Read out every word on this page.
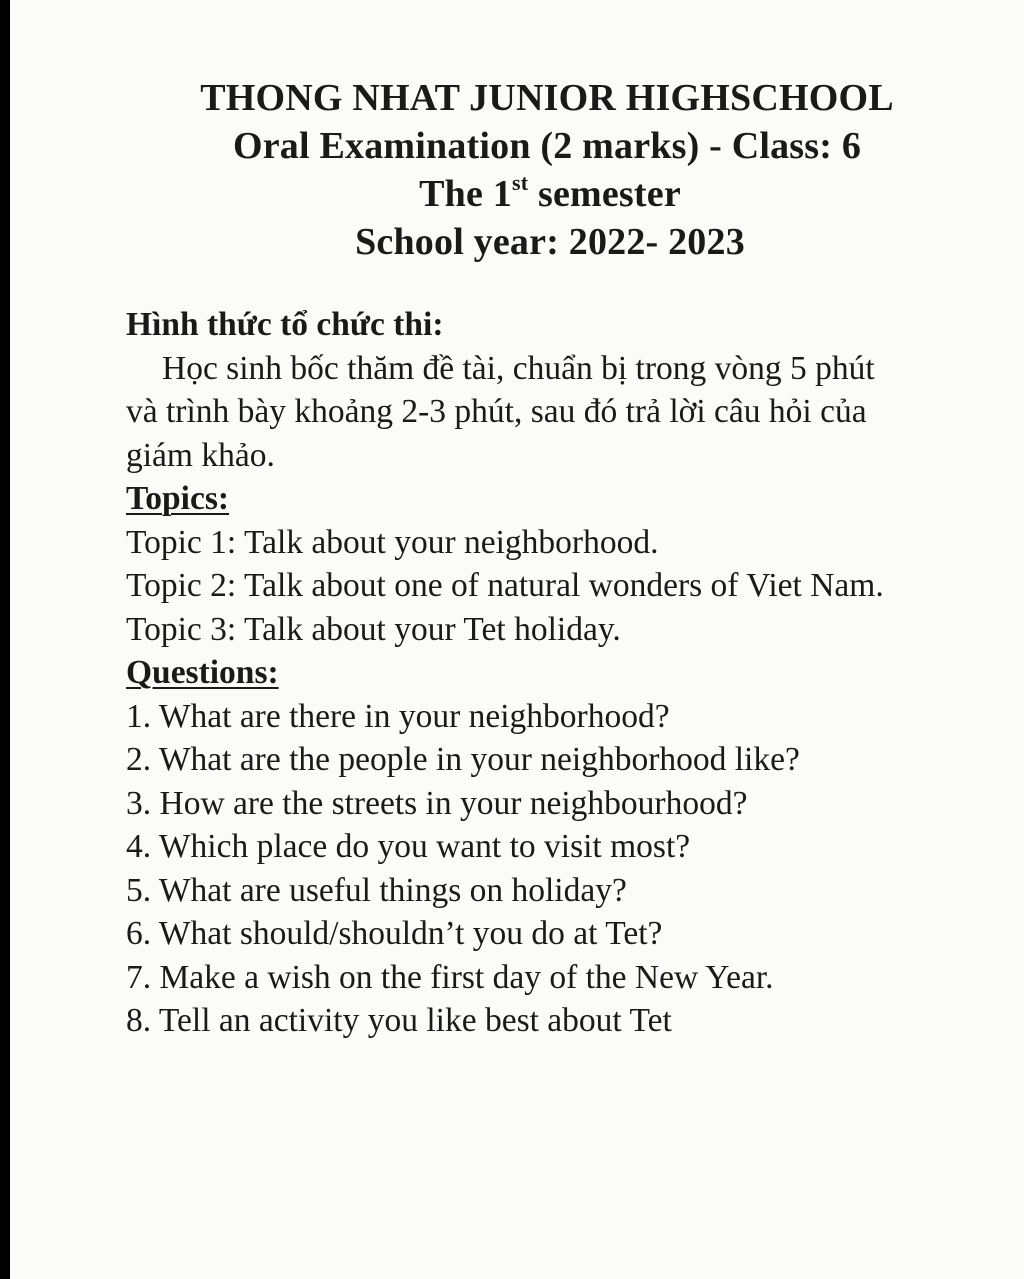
THONG NHAT JUNIOR HIGHSCHOOL
Oral Examination (2 marks) - Class: 6
The 1st semester
School year: 2022- 2023
Hình thức tổ chức thi:
Học sinh bốc thăm đề tài, chuẩn bị trong vòng 5 phút
và trình bày khoảng 2-3 phút, sau đó trả lời câu hỏi của
giám khảo.
Topics:
Topic 1: Talk about your neighborhood.
Topic 2: Talk about one of natural wonders of Viet Nam.
Topic 3: Talk about your Tet holiday.
Questions:
1. What are there in your neighborhood?
2. What are the people in your neighborhood like?
3. How are the streets in your neighbourhood?
4. Which place do you want to visit most?
5. What are useful things on holiday?
6. What should/shouldn’t you do at Tet?
7. Make a wish on the first day of the New Year.
8. Tell an activity you like best about Tet
